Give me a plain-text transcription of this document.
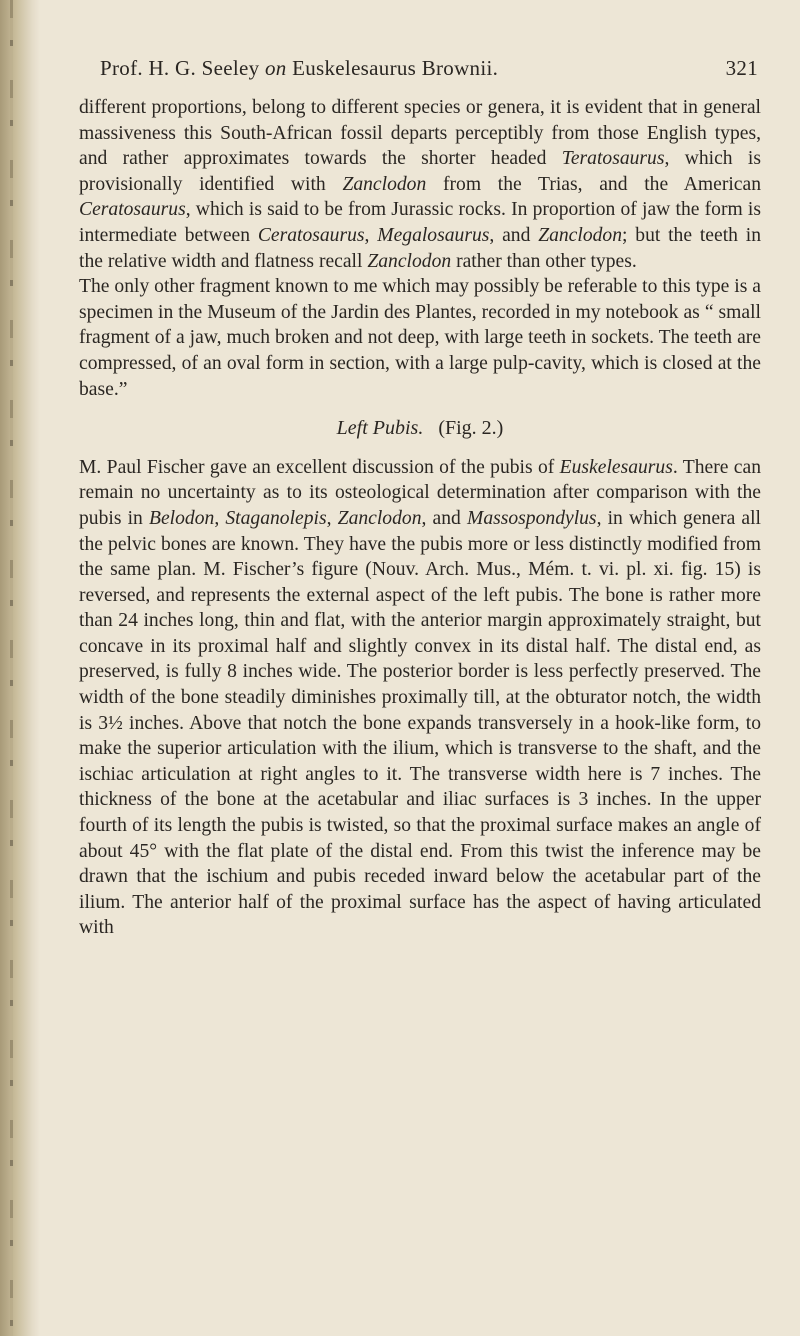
Prof. H. G. Seeley on Euskelesaurus Brownii.	321

different proportions, belong to different species or genera, it is evident that in general massiveness this South-African fossil departs perceptibly from those English types, and rather approximates towards the shorter headed Teratosaurus, which is provisionally identified with Zanclodon from the Trias, and the American Ceratosaurus, which is said to be from Jurassic rocks. In proportion of jaw the form is intermediate between Ceratosaurus, Megalosaurus, and Zanclodon; but the teeth in the relative width and flatness recall Zanclodon rather than other types.

The only other fragment known to me which may possibly be referable to this type is a specimen in the Museum of the Jardin des Plantes, recorded in my notebook as “ small fragment of a jaw, much broken and not deep, with large teeth in sockets. The teeth are compressed, of an oval form in section, with a large pulp-cavity, which is closed at the base.”

Left Pubis. (Fig. 2.)

M. Paul Fischer gave an excellent discussion of the pubis of Euskelesaurus. There can remain no uncertainty as to its osteological determination after comparison with the pubis in Belodon, Staganolepis, Zanclodon, and Massospondylus, in which genera all the pelvic bones are known. They have the pubis more or less distinctly modified from the same plan. M. Fischer’s figure (Nouv. Arch. Mus., Mém. t. vi. pl. xi. fig. 15) is reversed, and represents the external aspect of the left pubis. The bone is rather more than 24 inches long, thin and flat, with the anterior margin approximately straight, but concave in its proximal half and slightly convex in its distal half. The distal end, as preserved, is fully 8 inches wide. The posterior border is less perfectly preserved. The width of the bone steadily diminishes proximally till, at the obturator notch, the width is 3½ inches. Above that notch the bone expands transversely in a hook-like form, to make the superior articulation with the ilium, which is transverse to the shaft, and the ischiac articulation at right angles to it. The transverse width here is 7 inches. The thickness of the bone at the acetabular and iliac surfaces is 3 inches. In the upper fourth of its length the pubis is twisted, so that the proximal surface makes an angle of about 45° with the flat plate of the distal end. From this twist the inference may be drawn that the ischium and pubis receded inward below the acetabular part of the ilium. The anterior half of the proximal surface has the aspect of having articulated with
